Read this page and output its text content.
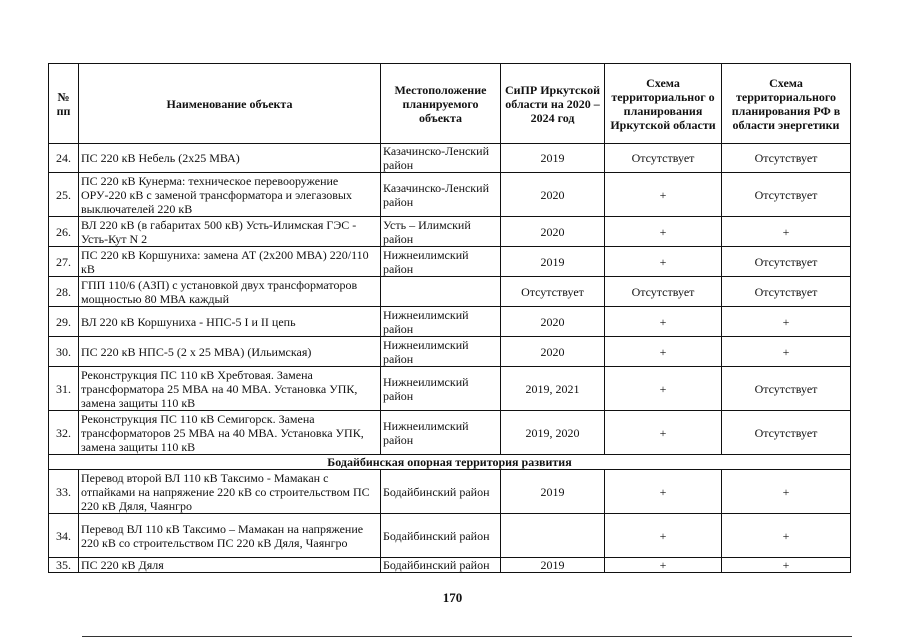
№ пп	Наименование объекта	Местоположение планируемого объекта	СиПР Иркутской области на 2020 – 2024 год	Схема территориальног о планирования Иркутской области	Схема территориального планирования РФ в области энергетики
24.	ПС 220 кВ Небель (2х25 МВА)	Казачинско-Ленский район	2019	Отсутствует	Отсутствует
25.	ПС 220 кВ Кунерма: техническое перевооружение ОРУ-220 кВ с заменой трансформатора и элегазовых выключателей 220 кВ	Казачинско-Ленский район	2020	+	Отсутствует
26.	ВЛ 220 кВ (в габаритах 500 кВ) Усть-Илимская ГЭС - Усть-Кут N 2	Усть – Илимский район	2020	+	+
27.	ПС 220 кВ Коршуниха: замена АТ (2х200 МВА) 220/110 кВ	Нижнеилимский район	2019	+	Отсутствует
28.	ГПП 110/6 (АЗП) с установкой двух трансформаторов мощностью 80 МВА каждый		Отсутствует	Отсутствует	Отсутствует
29.	ВЛ 220 кВ Коршуниха - НПС-5 I и II цепь	Нижнеилимский район	2020	+	+
30.	ПС 220 кВ НПС-5 (2 х 25 МВА) (Ильимская)	Нижнеилимский район	2020	+	+
31.	Реконструкция ПС 110 кВ Хребтовая. Замена трансформатора 25 МВА на 40 МВА. Установка УПК, замена защиты 110 кВ	Нижнеилимский район	2019, 2021	+	Отсутствует
32.	Реконструкция ПС 110 кВ Семигорск. Замена трансформаторов 25 МВА на 40 МВА. Установка УПК, замена защиты 110 кВ	Нижнеилимский район	2019, 2020	+	Отсутствует
Бодайбинская опорная территория развития					
33.	Перевод второй ВЛ 110 кВ Таксимо - Мамакан с отпайками на напряжение 220 кВ со строительством ПС 220 кВ Дяля, Чаянгро	Бодайбинский район	2019	+	+
34.	Перевод ВЛ 110 кВ Таксимо – Мамакан на напряжение 220 кВ со строительством ПС 220 кВ Дяля, Чаянгро	Бодайбинский район		+	+
35.	ПС 220 кВ Дяля	Бодайбинский район	2019	+	+
170
